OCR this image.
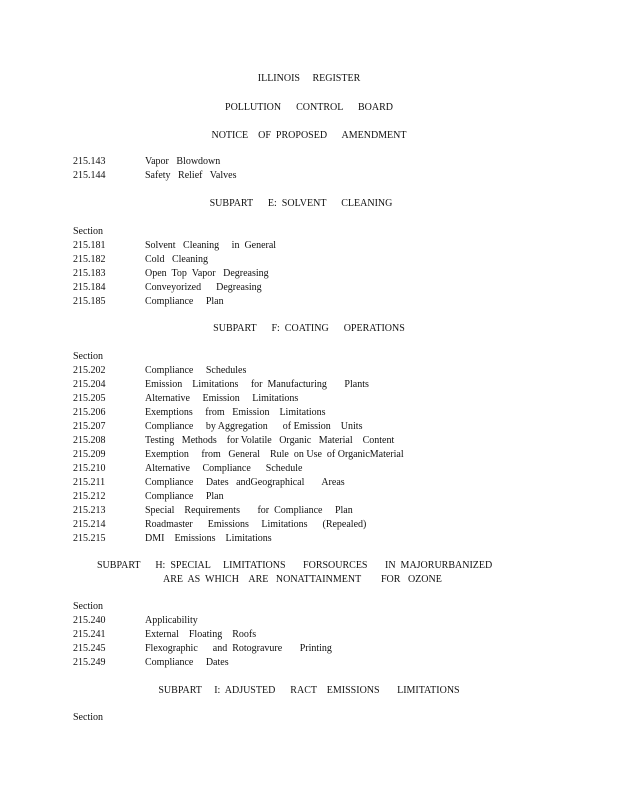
ILLINOIS     REGISTER
POLLUTION      CONTROL      BOARD
NOTICE    OF  PROPOSED      AMENDMENT
215.143	Vapor   Blowdown
215.144	Safety   Relief   Valves
SUBPART      E:  SOLVENT      CLEANING
Section
215.181	Solvent   Cleaning     in  General
215.182	Cold   Cleaning
215.183	Open  Top  Vapor   Degreasing
215.184	Conveyorized      Degreasing
215.185	Compliance     Plan
SUBPART      F:  COATING      OPERATIONS
Section
215.202	Compliance     Schedules
215.204	Emission    Limitations     for  Manufacturing       Plants
215.205	Alternative     Emission     Limitations
215.206	Exemptions     from   Emission    Limitations
215.207	Compliance     by Aggregation      of Emission    Units
215.208	Testing   Methods    for Volatile   Organic   Material    Content
215.209	Exemption     from   General    Rule  on Use  of OrganicMaterial
215.210	Alternative     Compliance      Schedule
215.211	Compliance     Dates   andGeographical       Areas
215.212	Compliance     Plan
215.213	Special    Requirements       for  Compliance     Plan
215.214	Roadmaster      Emissions     Limitations      (Repealed)
215.215	DMI    Emissions    Limitations
SUBPART      H:  SPECIAL     LIMITATIONS       FORSOURCES       IN  MAJORURBANIZED
ARE  AS  WHICH    ARE   NONATTAINMENT        FOR   OZONE
Section
215.240	Applicability
215.241	External    Floating    Roofs
215.245	Flexographic      and  Rotogravure       Printing
215.249	Compliance     Dates
SUBPART     I:  ADJUSTED      RACT    EMISSIONS       LIMITATIONS
Section
